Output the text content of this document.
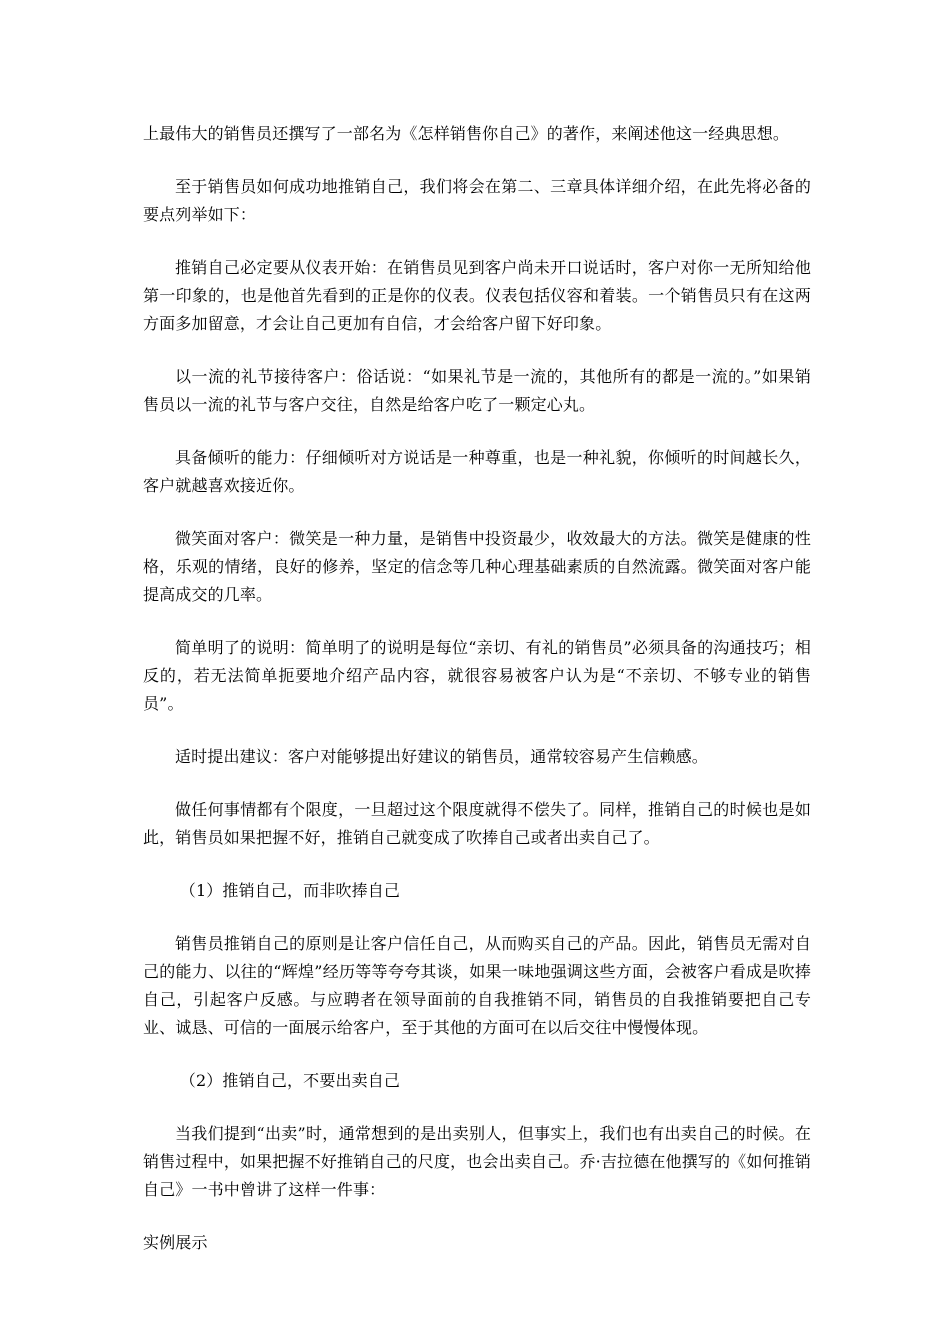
上最伟大的销售员还撰写了一部名为《怎样销售你自己》的著作，来阐述他这一经典思想。

至于销售员如何成功地推销自己，我们将会在第二、三章具体详细介绍，在此先将必备的要点列举如下：

推销自己必定要从仪表开始：在销售员见到客户尚未开口说话时，客户对你一无所知给他第一印象的，也是他首先看到的正是你的仪表。仪表包括仪容和着装。一个销售员只有在这两方面多加留意，才会让自己更加有自信，才会给客户留下好印象。

以一流的礼节接待客户：俗话说：“如果礼节是一流的，其他所有的都是一流的。”如果销售员以一流的礼节与客户交往，自然是给客户吃了一颗定心丸。

具备倾听的能力：仔细倾听对方说话是一种尊重，也是一种礼貌，你倾听的时间越长久，客户就越喜欢接近你。

微笑面对客户：微笑是一种力量，是销售中投资最少，收效最大的方法。微笑是健康的性格，乐观的情绪，良好的修养，坚定的信念等几种心理基础素质的自然流露。微笑面对客户能提高成交的几率。

简单明了的说明：简单明了的说明是每位“亲切、有礼的销售员”必须具备的沟通技巧；相反的，若无法简单扼要地介绍产品内容，就很容易被客户认为是“不亲切、不够专业的销售员”。

适时提出建议：客户对能够提出好建议的销售员，通常较容易产生信赖感。

做任何事情都有个限度，一旦超过这个限度就得不偿失了。同样，推销自己的时候也是如此，销售员如果把握不好，推销自己就变成了吹捧自己或者出卖自己了。

（1）推销自己，而非吹捧自己

销售员推销自己的原则是让客户信任自己，从而购买自己的产品。因此，销售员无需对自己的能力、以往的“辉煌”经历等等夸夸其谈，如果一味地强调这些方面，会被客户看成是吹捧自己，引起客户反感。与应聘者在领导面前的自我推销不同，销售员的自我推销要把自己专业、诚恳、可信的一面展示给客户，至于其他的方面可在以后交往中慢慢体现。

（2）推销自己，不要出卖自己

当我们提到“出卖”时，通常想到的是出卖别人，但事实上，我们也有出卖自己的时候。在销售过程中，如果把握不好推销自己的尺度，也会出卖自己。乔·吉拉德在他撰写的《如何推销自己》一书中曾讲了这样一件事：

实例展示
